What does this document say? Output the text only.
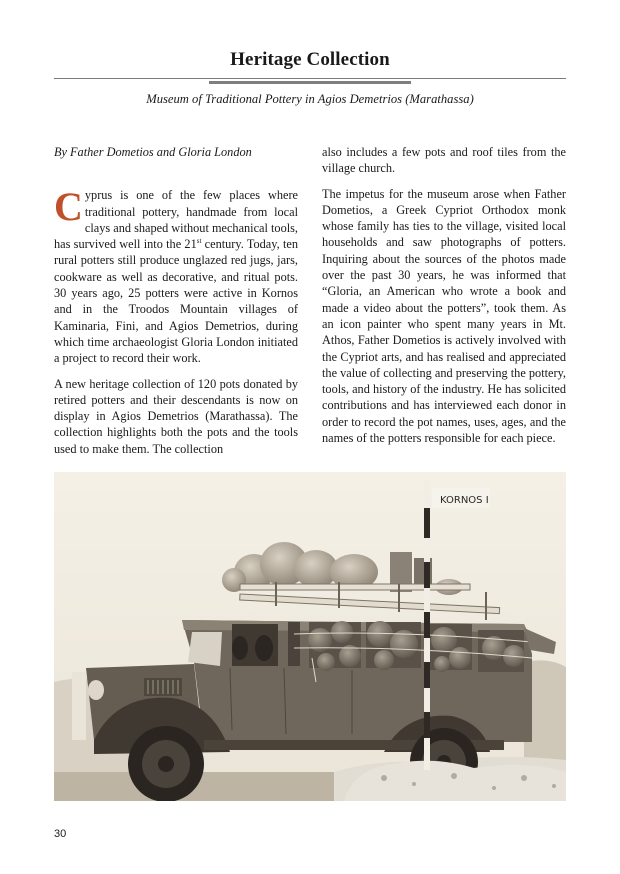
Heritage Collection
Museum of Traditional Pottery in Agios Demetrios (Marathassa)
By Father Dometios and Gloria London

Cyprus is one of the few places where traditional pottery, handmade from local clays and shaped without mechanical tools, has survived well into the 21st century. Today, ten rural potters still produce unglazed red jugs, jars, cookware as well as decorative, and ritual pots. 30 years ago, 25 potters were active in Kornos and in the Troodos Mountain villages of Kaminaria, Fini, and Agios Demetrios, during which time archaeologist Gloria London initiated a project to record their work.

A new heritage collection of 120 pots donated by retired potters and their descendants is now on display in Agios Demetrios (Marathassa). The collection highlights both the pots and the tools used to make them. The collection

also includes a few pots and roof tiles from the village church.

The impetus for the museum arose when Father Dometios, a Greek Cypriot Orthodox monk whose family has ties to the village, visited local households and saw photographs of potters. Inquiring about the sources of the photos made over the past 30 years, he was informed that “Gloria, an American who wrote a book and made a video about the potters”, took them. As an icon painter who spent many years in Mt. Athos, Father Dometios is actively involved with the Cypriot arts, and has realised and appreciated the value of collecting and preserving the pottery, tools, and history of the industry. He has solicited contributions and has interviewed each donor in order to record the pot names, uses, ages, and the names of the potters responsible for each piece.

KORNOS I
30
